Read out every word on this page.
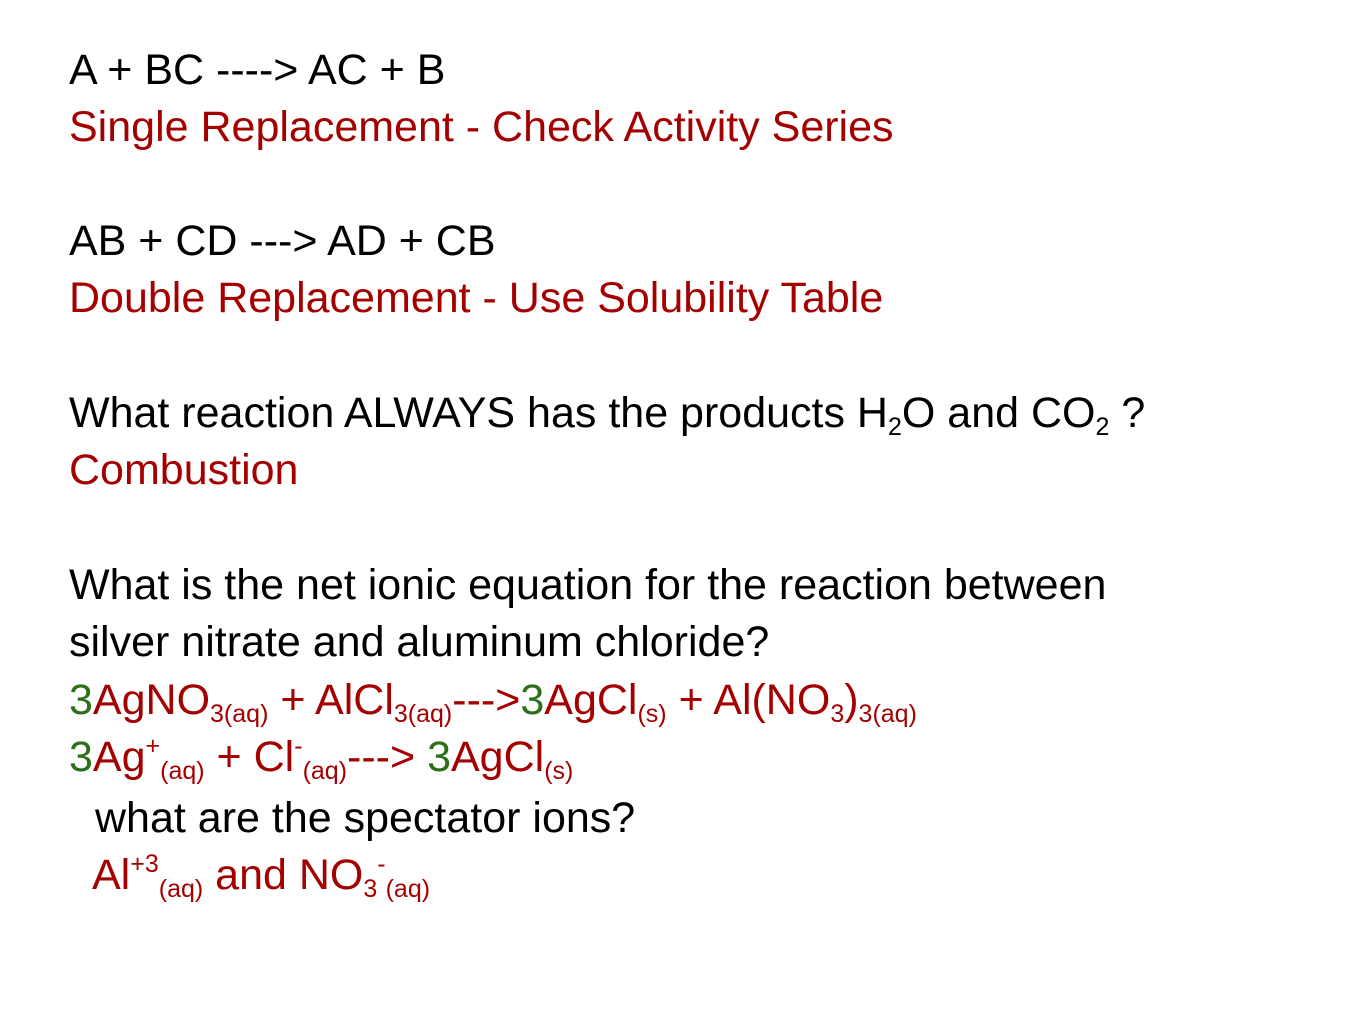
A + BC ----> AC + B
Single Replacement - Check Activity Series
AB + CD ---> AD + CB
Double Replacement - Use Solubility Table
What reaction ALWAYS has the products $H_2O$ and $CO_2$ ?
Combustion
What is the net ionic equation for the reaction between
silver nitrate and aluminum chloride?
3AgNO$_{3(aq)}$ + AlCl$_{3(aq)}$--->3AgCl$_{(s)}$ + $Al(NO_3)_{3(aq)}$
$3Ag^+_{(aq)} + Cl^-_{(aq)}--->$ 3AgCl$_{(s)}$
what are the spectator ions?
$Al^{+3}_{(aq)}$ and $NO_3^-_{(aq)}$
